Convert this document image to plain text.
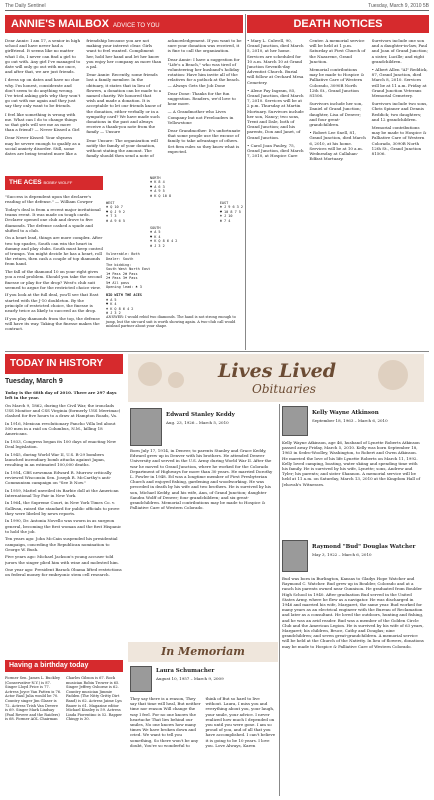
The Daily Sentinel	Tuesday, March 9, 2010 5B
ANNIE'S MAILBOX ADVICE TO YOU

Dear Annie: I am 17, a senior in high school and have never had a girlfriend. It seems like no matter what I do, I never can find a girl to go out with. Any girl I've managed to date will only go out with me once, and after that, we are just friends.

I dress up on dates and have no clue why. I'm honest, considerate and don't seem to do anything wrong. I've tried asking girls why they won't go out with me again and they just say they only want to be friends.

I feel like something is wrong with me. What can I do to change things so that girls will see me as more than a friend? — Never Kissed a Girl

Dear Never Kissed: Your shyness may be severe enough to qualify as a social anxiety disorder. Still, some dates are being treated more like a friendship because you are not making your interest clear. Girls want to feel wanted. Compliment her, hold her hand and let her know you enjoy her company as more than a pal.

Dear Annie: Recently, some friends lost a family member. In the obituary, it states that in lieu of flowers, a donation can be made to a named charity. We honored that wish and made a donation. It is acceptable to let our friends know of the donation, either verbally or in a sympathy card? We have made such donations in the past and always receive a thank-you note from the family — Unsure

Dear Unsure: The organization will notify the family of your donation, without stating the amount. The family should then send a note of acknowledgement. If you want to be sure your donation was received, it is fine to call the organization.

Dear Annie: I have a suggestion for "Life's a Beach," who was tired of volunteering her husband's holiday rotation: Have him invite all of the relatives for a potluck at the beach. — Always Gets the Job Done

Dear Done: Thanks for the fun suggestion. Readers, we'd love to hear more.

— A Grandmother who Lives Company but not Freeloaders in Yellowstone

Dear Grandmother: It's unfortunate that some people use the excuse of family to take advantage of others. Set firm rules so they know what is expected.

THE ACES BOBBY WOLFF

"Success is dependent upon the declarer's reading of the defense." — William Cowper

Today's deal is from a recent major invitational teams event. It was made on tough cards. Declarer opened one club and drove to five diamonds. The defense cashed a spade and shifted to a club.

On a heart lead, things are more complex. After two top spades, South can win the heart in dummy and play clubs. South must keep control of trumps. You might decide he has a heart, roll the return, then cash a couple of top diamonds from hand.

The fall of the diamond 10 on your right gives you a real problem. Should you take the second finesse or play for the drop? West's club suit seemed to argue for the restricted choice view.

If you look at the full deal, you'll see that East started with the J-10 doubleton. By the principle of restricted choice, the finesse is nearly twice as likely to succeed as the drop.

If you play diamonds from the top, the defense will have its way. Taking the finesse makes the contract.

NORTH
♠ K 8 4
♥ A 6 3
♦ A 9 5
♣ K Q 10 8
WEST
♠ Q 10 7
♥ Q J 9 2
♦ 7 3
♣ A 9 6 5
EAST
♠ J 9 6 3 2
♥ 10 8 7 5
♦ J 10
♣ 7 4
SOUTH
♠ A 5
♥ K 4
♦ K Q 8 6 4 2
♣ J 3 2
Vulnerable: Both
Dealer: South
The bidding:
South West North East
1♦ Pass 2♣ Pass
2♦ Pass 3♦ Pass
5♦ All pass
Opening lead: ♠ 3
BID WITH THE ACES
♠ A 5
♥ K 4
♦ K Q 8 6 4 2
♣ J 3 2
ANSWER: I would rebid two diamonds. The hand is not strong enough to jump, but the six-card suit is worth showing again. A two-club call would mislead partner about your shape.
DEATH NOTICES

• Mary L. Culwell, 90, Grand Junction, died March 5, 2010, at her home. Services are scheduled for 10 a.m. March 10 at Grand Junction Seventh-day Adventist Church. Burial will follow at Orchard Mesa Cemetery.

• Alene Fay Ingram, 85, Grand Junction, died March 7, 2010. Services will be at 2 p.m. Thursday at Martin Mortuary. Survivors include her son, Nancy; two sons, Trent and Dale, both of Grand Junction; and his parents, Don and Janet, of Grand Junction.

• Carol Joan Pauley, 75, Grand Junction, died March 7, 2010, at Hospice Care Center. A memorial service will be held at 1 p.m. Saturday at First Church of the Nazarene, Grand Junction.

Memorial contributions may be made to Hospice & Palliative Care of Western Colorado, 3090B North 12th St., Grand Junction 81506.

Survivors include her son, Daniel of Grand Junction; daughter, Lisa of Denver; and four great-grandchildren.

• Robert Lee Snell, 81, Grand Junction, died March 6, 2010, at his home. Services will be at 10 a.m. Wednesday at Callahan-Edfast Mortuary.

Survivors include one son and a daughter-in-law, Paul and Joan of Grand Junction; a sister, Lucille; and eight grandchildren.

• Albert Allen "Al" Reddick, 87, Grand Junction, died March 8, 2010. Services will be at 11 a.m. Friday at Grand Junction Veterans Memorial Cemetery.

Survivors include two sons, Chris Spinner and Dennis Reddick; two daughters; and 12 grandchildren.

Memorial contributions may be made to Hospice & Palliative Care of Western Colorado, 3090B North 12th St., Grand Junction 81506.

TODAY IN HISTORY
Tuesday, March 9

Today is the 68th day of 2010. There are 297 days left in the year.

On March 9, 1862, during the Civil War, the ironclads USS Monitor and CSS Virginia (formerly USS Merrimac) clashed for five hours to a draw at Hampton Roads, Va.

In 1916, Mexican revolutionary Pancho Villa led about 500 men in a raid on Columbus, N.M., killing 18 Americans.

In 1933, Congress began its 100 days of enacting New Deal legislation.

In 1945, during World War II, U.S. B-29 bombers launched incendiary bomb attacks against Japan, resulting in an estimated 100,000 deaths.

In 1954, CBS newsman Edward R. Murrow critically reviewed Wisconsin Sen. Joseph R. McCarthy's anti-Communism campaign on "See It Now."

In 1959, Mattel unveiled its Barbie doll at the American International Toy Fair in New York.

In 1964, the Supreme Court, in New York Times Co. v. Sullivan, raised the standard for public officials to prove they were libeled by news reports.

In 1990, Dr. Antonia Novello was sworn in as surgeon general, becoming the first woman and the first Hispanic to hold the job.

Ten years ago: John McCain suspended his presidential campaign, conceding the Republican nomination to George W. Bush.

Five years ago: Michael Jackson's young accuser told jurors the singer plied him with wine and molested him.

One year ago: President Barack Obama lifted restrictions on federal money for embryonic stem cell research.

Having a birthday today
Former Sen. James L. Buckley (Conservative-N.Y.) is 87. Singer Lloyd Price is 77. Actress Joyce Van Patten is 76. Actor Raul Julia would be 70. Country singer Jim Glaser is 72. Actress Trish Van Devere is 69. Singer Mark Lindsay (Paul Revere and the Raiders) is 68. Former AOL Chairman Charles Gibson is 67. Rock musician Robin Trower is 65. Singer Jeffrey Osborne is 62. Country musician Jimmie Fadden (The Nitty Gritty Dirt Band) is 62. Actress Jaime Lyn Bauer is 61. Magazine editor Michael Kinsley is 59. Actress Linda Fiorentino is 52. Rapper Chingy is 30.
Lives Lived
Obituaries
Edward Stanley Keddy
Aug. 23, 1926 – March 5, 2010
Born July 17, 1914, in Denver, to parents Stanley and Grace Keddy, Edward grew up in Denver with his brothers. He attended Denver University and served in the U.S. Army during World War II. After the war he moved to Grand Junction, where he worked for the Colorado Department of Highways for more than 30 years. He married Dorothy L. Fowler in 1948. Ed was a longtime member of First Presbyterian Church and enjoyed fishing, gardening and woodworking. He was preceded in death by his wife and two brothers. He is survived by his son, Michael Keddy, and his wife, Ann, of Grand Junction; daughter Sandra Wolff of Denver; four grandchildren; and six great-grandchildren. Memorial contributions may be made to Hospice & Palliative Care of Western Colorado.
Kelly Wayne Atkinson
September 18, 1963 – March 6, 2010
Kelly Wayne Atkinson, age 46, husband of Lynette Roberts Atkinson passed away Friday, March 5, 2010. Kelly was born September 18, 1963 in Sedro-Woolley, Washington, to Robert and Gwen Atkinson. He married the love of his life Lynette Roberts on March 11, 1992. Kelly loved camping, boating, water skiing and spending time with his family. He is survived by his wife, Lynette; sons, Andrew and Tyler; his parents; and sister Shannon. A memorial service will be held at 11 a.m. on Saturday, March 13, 2010 at the Kingdom Hall of Jehovah's Witnesses.
Raymond "Bud" Douglas Watcher
May 3, 1922 – March 6, 2010
Bud was born in Burlington, Kansas to Gladys Hope Watcher and Raymond C. Watcher. Bud grew up in Boulder, Colorado and at a ranch his parents owned near Gunnison. He graduated from Boulder High School in 1940. After graduation Bud served in the United States Army, where he flew as a navigator. He was discharged in 1946 and married his wife, Margaret, the same year. Bud worked for many years as an electrical engineer with the Bureau of Reclamation and later as a consultant. He loved the outdoors, hunting and fishing, and he was an avid reader. Bud was a member of the Golden Circle Club and the American Legion. He is survived by his wife of 63 years, Margaret; his children, Bruce, Cathy and Douglas; nine grandchildren; and seven great-grandchildren. A memorial service will be held at the Church of the Nativity. In lieu of flowers, donations may be made to Hospice & Palliative Care of Western Colorado.
In Memoriam
Laura Schumacher
August 10, 1957 – March 9, 2009
They say there is a reason, They say that time will heal, But neither time nor reason Will change the way I feel. For no one knows the heartache That lies behind our smiles, No one knows how many times We have broken down and cried. We want to tell you something, So there won't be any doubt, You're so wonderful to think of But so hard to live without. Laura, I miss you and everything about you, your laugh, your smile, your advice. I never realized how much I depended on you until you were gone. I am so proud of you, and of all that you have accomplished. I can't believe it is going to be 10 years. I love you. Love Always, Karen
